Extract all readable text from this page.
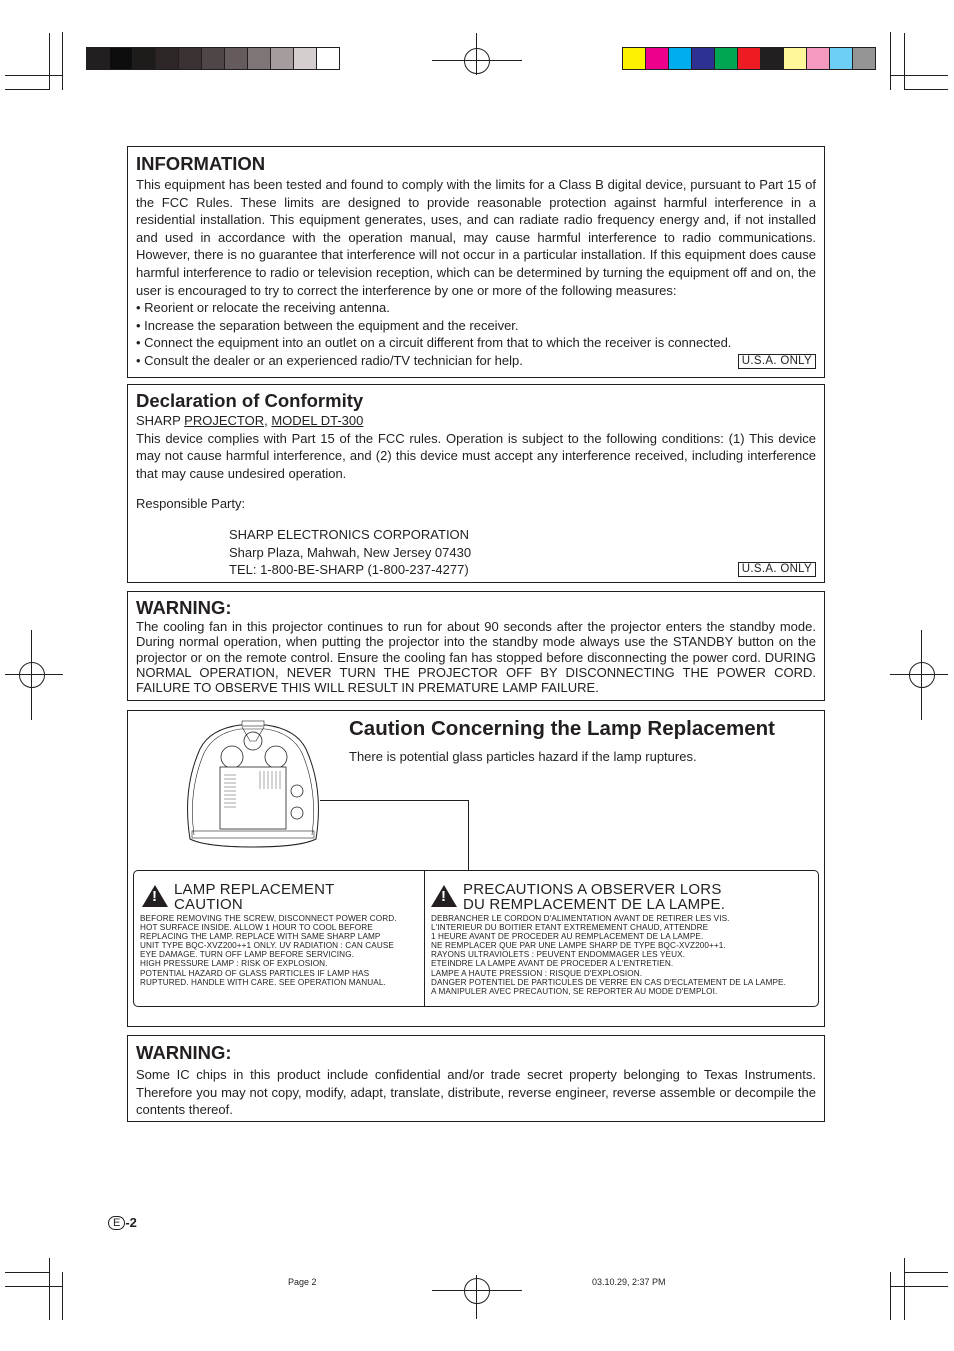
INFORMATION

This equipment has been tested and found to comply with the limits for a Class B digital device, pursuant to Part 15 of the FCC Rules. These limits are designed to provide reasonable protection against harmful interference in a residential installation. This equipment generates, uses, and can radiate radio frequency energy and, if not installed and used in accordance with the operation manual, may cause harmful interference to radio communications. However, there is no guarantee that interference will not occur in a particular installation. If this equipment does cause harmful interference to radio or television reception, which can be determined by turning the equipment off and on, the user is encouraged to try to correct the interference by one or more of the following measures:

• Reorient or relocate the receiving antenna.

• Increase the separation between the equipment and the receiver.

• Connect the equipment into an outlet on a circuit different from that to which the receiver is connected.

• Consult the dealer or an experienced radio/TV technician for help.	U.S.A. ONLY
Declaration of Conformity

SHARP PROJECTOR, MODEL DT-300

This device complies with Part 15 of the FCC rules. Operation is subject to the following conditions: (1) This device may not cause harmful interference, and (2) this device must accept any interference received, including interference that may cause undesired operation.

Responsible Party:

SHARP ELECTRONICS CORPORATION

Sharp Plaza, Mahwah, New Jersey 07430

TEL: 1-800-BE-SHARP (1-800-237-4277)	U.S.A. ONLY
WARNING:

The cooling fan in this projector continues to run for about 90 seconds after the projector enters the standby mode. During normal operation, when putting the projector into the standby mode always use the STANDBY button on the projector or on the remote control. Ensure the cooling fan has stopped before disconnecting the power cord. DURING NORMAL OPERATION, NEVER TURN THE PROJECTOR OFF BY DISCONNECTING THE POWER CORD. FAILURE TO OBSERVE THIS WILL RESULT IN PREMATURE LAMP FAILURE.

Caution Concerning the Lamp Replacement

There is potential glass particles hazard if the lamp ruptures.

! LAMP REPLACEMENT
CAUTION
BEFORE REMOVING THE SCREW, DISCONNECT POWER CORD.
HOT SURFACE INSIDE. ALLOW 1 HOUR TO COOL BEFORE
REPLACING THE LAMP. REPLACE WITH SAME SHARP LAMP
UNIT TYPE BQC-XVZ200++1 ONLY. UV RADIATION : CAN CAUSE
EYE DAMAGE. TURN OFF LAMP BEFORE SERVICING.
HIGH PRESSURE LAMP : RISK OF EXPLOSION.
POTENTIAL HAZARD OF GLASS PARTICLES IF LAMP HAS
RUPTURED. HANDLE WITH CARE. SEE OPERATION MANUAL.
! PRECAUTIONS A OBSERVER LORS
DU REMPLACEMENT DE LA LAMPE.
DEBRANCHER LE CORDON D'ALIMENTATION AVANT DE RETIRER LES VIS.
L'INTERIEUR DU BOITIER ETANT EXTREMEMENT CHAUD, ATTENDRE
1 HEURE AVANT DE PROCEDER AU REMPLACEMENT DE LA LAMPE.
NE REMPLACER QUE PAR UNE LAMPE SHARP DE TYPE BQC-XVZ200++1.
RAYONS ULTRAVIOLETS : PEUVENT ENDOMMAGER LES YEUX.
ETEINDRE LA LAMPE AVANT DE PROCEDER A L'ENTRETIEN.
LAMPE A HAUTE PRESSION : RISQUE D'EXPLOSION.
DANGER POTENTIEL DE PARTICULES DE VERRE EN CAS D'ECLATEMENT DE LA LAMPE.
A MANIPULER AVEC PRECAUTION, SE REPORTER AU MODE D'EMPLOI.
WARNING:

Some IC chips in this product include confidential and/or trade secret property belonging to Texas Instruments. Therefore you may not copy, modify, adapt, translate, distribute, reverse engineer, reverse assemble or decompile the contents thereof.

E -2
Page 2	03.10.29, 2:37 PM
